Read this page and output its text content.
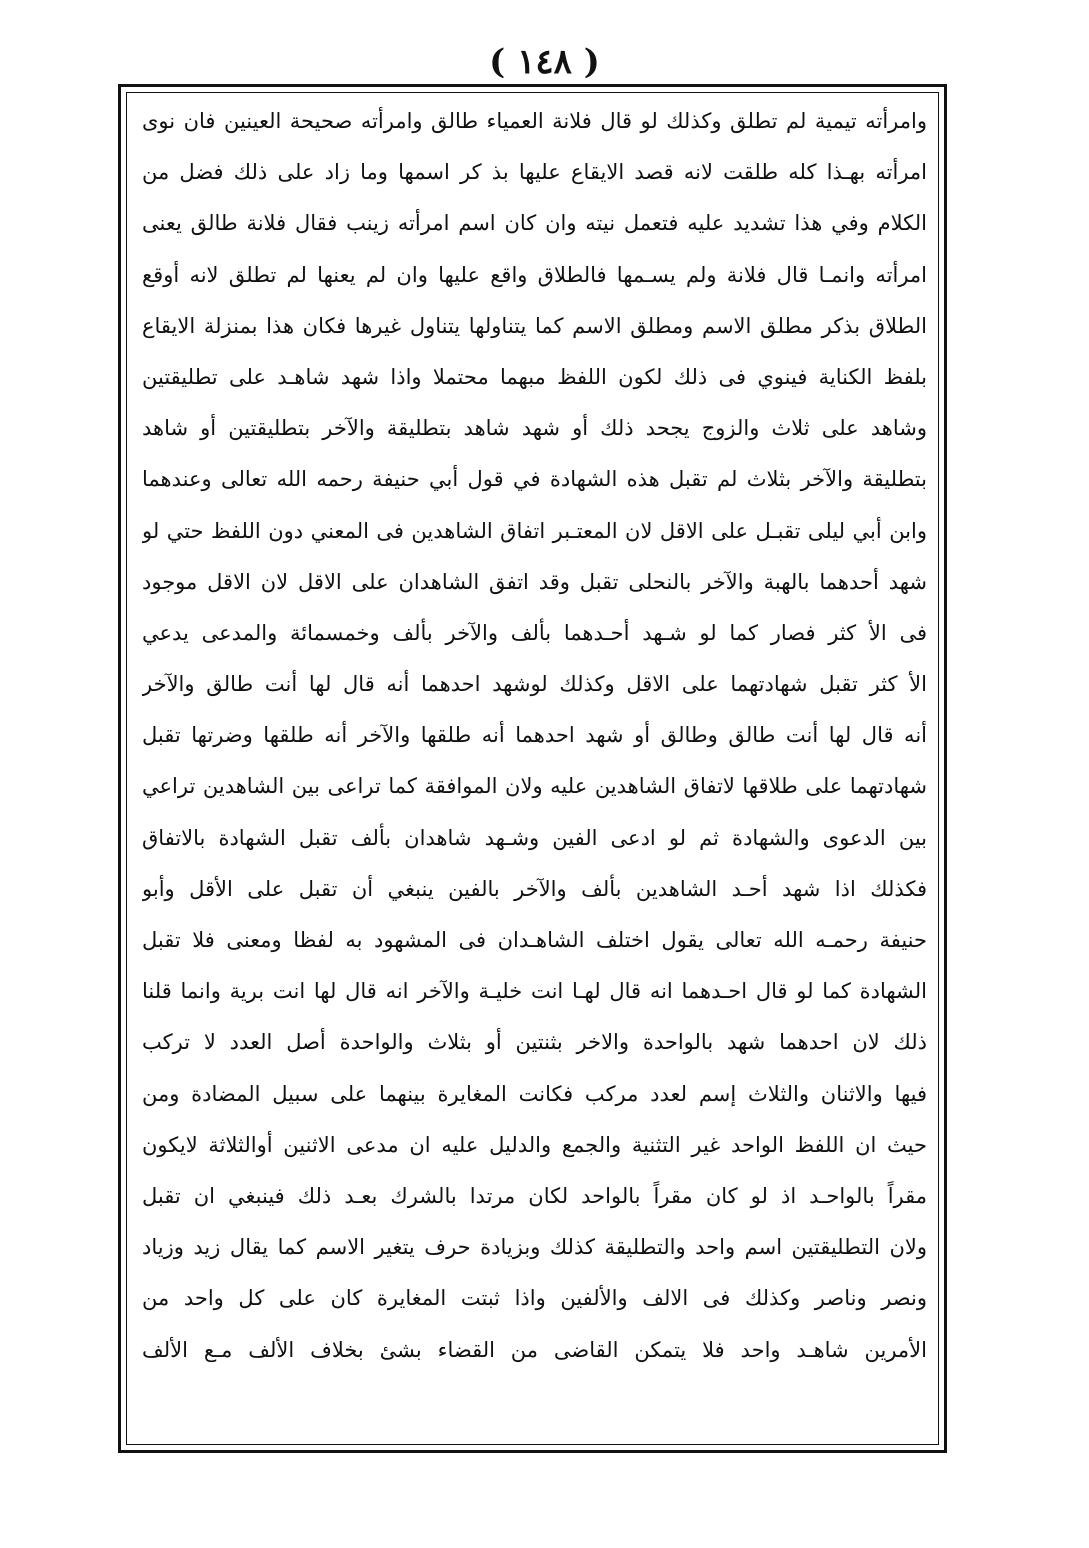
( ١٤٨ )
وامرأته تيمية لم تطلق وكذلك لو قال فلانة العمياء طالق وامرأته صحيحة العينين فان نوى
امرأته بهـذا كله طلقت لانه قصد الايقاع عليها بذ كر اسمها وما زاد على ذلك فضل من
الكلام وفي هذا تشديد عليه فتعمل نيته وان كان اسم امرأته زينب فقال فلانة طالق يعنى
امرأته وانمـا قال فلانة ولم يسـمها فالطلاق واقع عليها وان لم يعنها لم تطلق لانه أوقع
الطلاق بذكر مطلق الاسم ومطلق الاسم كما يتناولها يتناول غيرها فكان هذا بمنزلة الايقاع
بلفظ الكناية فينوي فى ذلك لكون اللفظ مبهما محتملا واذا شهد شاهـد على تطليقتين
وشاهد على ثلاث والزوج يجحد ذلك أو شهد شاهد بتطليقة والآخر بتطليقتين أو شاهد
بتطليقة والآخر بثلاث لم تقبل هذه الشهادة في قول أبي حنيفة رحمه الله تعالى وعندهما
وابن أبي ليلى تقبـل على الاقل لان المعتـبر اتفاق الشاهدين فى المعني دون اللفظ حتي لو
شهد أحدهما بالهبة والآخر بالنحلى تقبل وقد اتفق الشاهدان على الاقل لان الاقل موجود
فى الأ كثر فصار كما لو شـهد أحـدهما بألف والآخر بألف وخمسمائة والمدعى يدعي
الأ كثر تقبل شهادتهما على الاقل وكذلك لوشهد احدهما أنه قال لها أنت طالق والآخر
أنه قال لها أنت طالق وطالق أو شهد احدهما أنه طلقها والآخر أنه طلقها وضرتها تقبل
شهادتهما على طلاقها لاتفاق الشاهدين عليه ولان الموافقة كما تراعى بين الشاهدين تراعي
بين الدعوى والشهادة ثم لو ادعى الفين وشـهد شاهدان بألف تقبل الشهادة بالاتفاق
فكذلك اذا شهد أحـد الشاهدين بألف والآخر بالفين ينبغي أن تقبل على الأقل وأبو
حنيفة رحمـه الله تعالى يقول اختلف الشاهـدان فى المشهود به لفظا ومعنى فلا تقبل
الشهادة كما لو قال احـدهما انه قال لهـا انت خليـة والآخر انه قال لها انت برية وانما قلنا
ذلك لان احدهما شهد بالواحدة والاخر بثنتين أو بثلاث والواحدة أصل العدد لا تركب
فيها والاثنان والثلاث إسم لعدد مركب فكانت المغايرة بينهما على سبيل المضادة ومن
حيث ان اللفظ الواحد غير التثنية والجمع والدليل عليه ان مدعى الاثنين أوالثلاثة لايكون
مقراً بالواحـد اذ لو كان مقراً بالواحد لكان مرتدا بالشرك بعـد ذلك فينبغي ان تقبل
ولان التطليقتين اسم واحد والتطليقة كذلك وبزيادة حرف يتغير الاسم كما يقال زيد وزياد
ونصر وناصر وكذلك فى الالف والألفين واذا ثبتت المغايرة كان على كل واحد من
الأمرين شاهـد واحد فلا يتمكن القاضى من القضاء بشئ بخلاف الألف مـع الألف
